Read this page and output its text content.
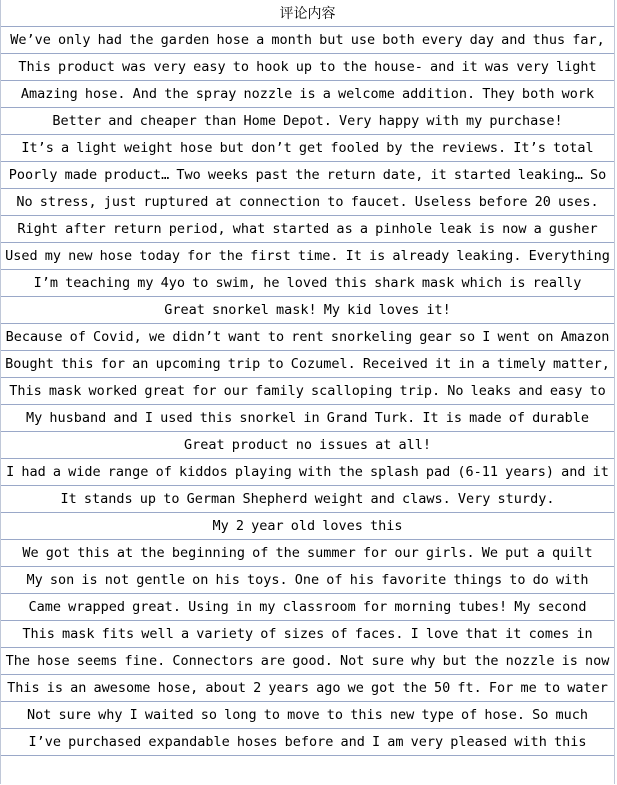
评论内容
We’ve only had the garden hose a month but use both every day and thus far,
This product was very easy to hook up to the house- and it was very light
Amazing hose. And the spray nozzle is a welcome addition. They both work
Better and cheaper than Home Depot. Very happy with my purchase!
It’s a light weight hose but don’t get fooled by the reviews. It’s total
Poorly made product… Two weeks past the return date, it started leaking… So
No stress, just ruptured at connection to faucet. Useless before 20 uses.
Right after return period, what started as a pinhole leak is now a gusher
Used my new hose today for the first time. It is already leaking. Everything
I’m teaching my 4yo to swim, he loved this shark mask which is really
Great snorkel mask! My kid loves it!
Because of Covid, we didn’t want to rent snorkeling gear so I went on Amazon
Bought this for an upcoming trip to Cozumel. Received it in a timely matter,
This mask worked great for our family scalloping trip. No leaks and easy to
My husband and I used this snorkel in Grand Turk. It is made of durable
Great product no issues at all!
I had a wide range of kiddos playing with the splash pad (6-11 years) and it
It stands up to German Shepherd weight and claws. Very sturdy.
My 2 year old loves this
We got this at the beginning of the summer for our girls. We put a quilt
My son is not gentle on his toys. One of his favorite things to do with
Came wrapped great. Using in my classroom for morning tubes! My second
This mask fits well a variety of sizes of faces. I love that it comes in
The hose seems fine. Connectors are good. Not sure why but the nozzle is now
This is an awesome hose, about 2 years ago we got the 50 ft. For me to water
Not sure why I waited so long to move to this new type of hose. So much
I’ve purchased expandable hoses before and I am very pleased with this
